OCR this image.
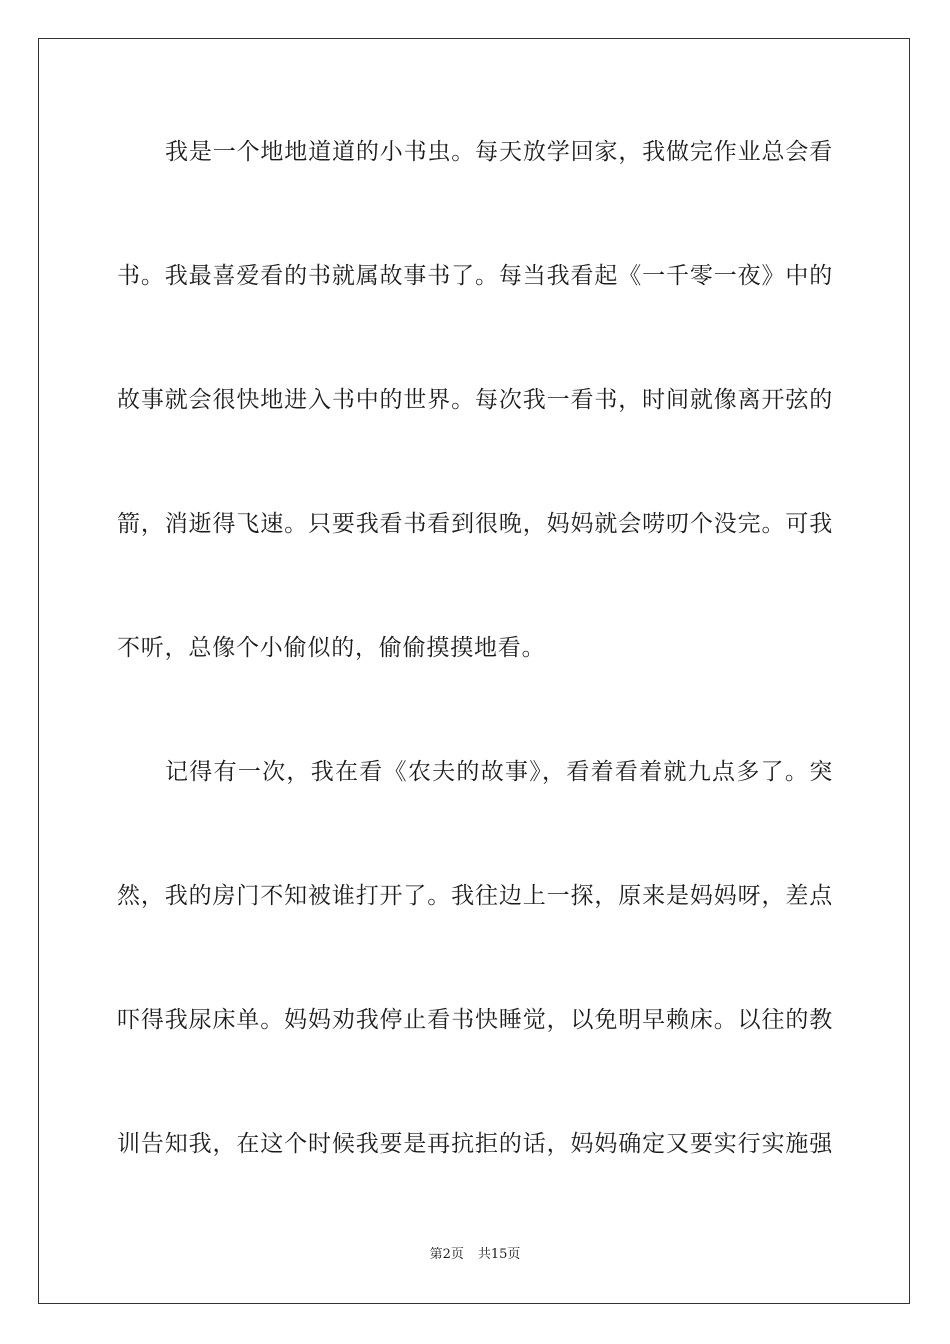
我是一个地地道道的小书虫。每天放学回家，我做完作业总会看
书。我最喜爱看的书就属故事书了。每当我看起《一千零一夜》中的
故事就会很快地进入书中的世界。每次我一看书，时间就像离开弦的
箭，消逝得飞速。只要我看书看到很晚，妈妈就会唠叨个没完。可我
不听，总像个小偷似的，偷偷摸摸地看。
记得有一次，我在看《农夫的故事》，看着看着就九点多了。突
然，我的房门不知被谁打开了。我往边上一探，原来是妈妈呀，差点
吓得我尿床单。妈妈劝我停止看书快睡觉，以免明早赖床。以往的教
训告知我，在这个时候我要是再抗拒的话，妈妈确定又要实行实施强
第2页 共15页
